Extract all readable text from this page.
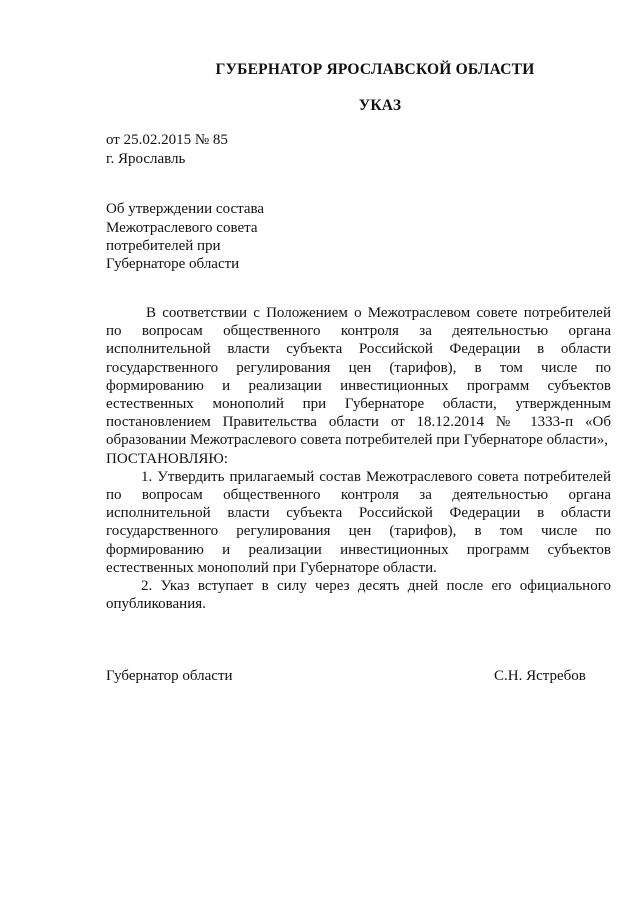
ГУБЕРНАТОР ЯРОСЛАВСКОЙ ОБЛАСТИ
УКАЗ
от 25.02.2015 № 85
г. Ярославль
Об утверждении состава
Межотраслевого совета
потребителей при
Губернаторе области

В соответствии с Положением о Межотраслевом совете потребителей по вопросам общественного контроля за деятельностью органа исполнительной власти субъекта Российской Федерации в области государственного регулирования цен (тарифов), в том числе по формированию и реализации инвестиционных программ субъектов естественных монополий при Губернаторе области, утвержденным постановлением Правительства области от 18.12.2014 № 1333-п «Об образовании Межотраслевого совета потребителей при Губернаторе области»,

ПОСТАНОВЛЯЮ:

1. Утвердить прилагаемый состав Межотраслевого совета потребителей по вопросам общественного контроля за деятельностью органа исполнительной власти субъекта Российской Федерации в области государственного регулирования цен (тарифов), в том числе по формированию и реализации инвестиционных программ субъектов естественных монополий при Губернаторе области.

2. Указ вступает в силу через десять дней после его официального опубликования.

Губернатор области	С.Н. Ястребов
